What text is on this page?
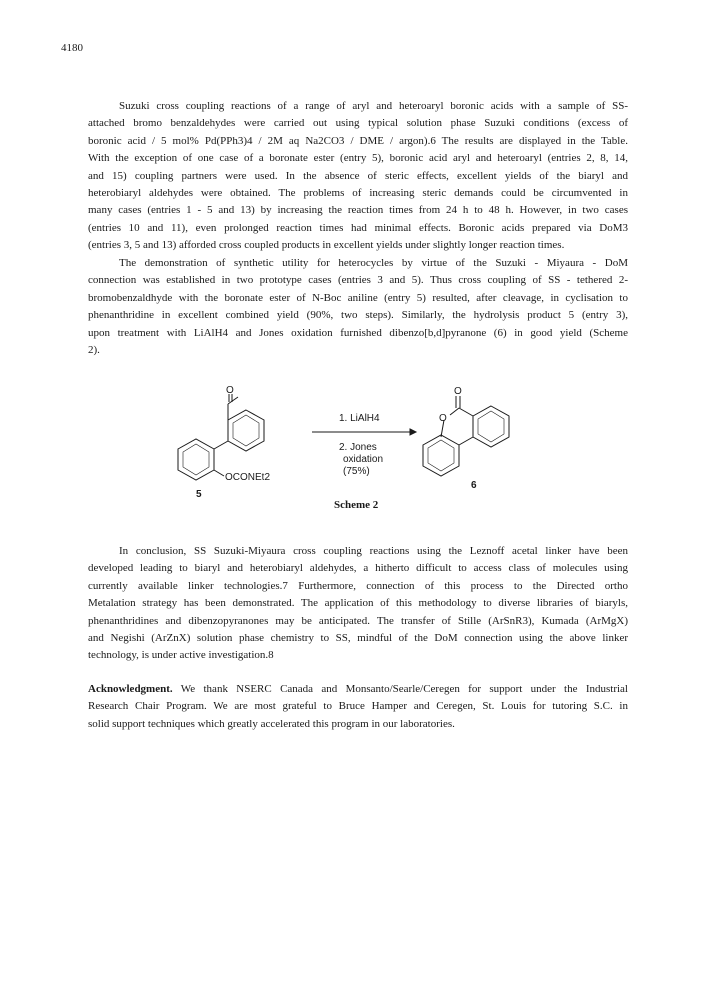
4180
Suzuki cross coupling reactions of a range of aryl and heteroaryl boronic acids with a sample of SS-
attached bromo benzaldehydes were carried out using typical solution phase Suzuki conditions (excess of
boronic acid / 5 mol% Pd(PPh3)4 / 2M aq Na2CO3 / DME / argon).6 The results are displayed in the Table.
With the exception of one case of a boronate ester (entry 5), boronic acid aryl and heteroaryl (entries 2, 8, 14,
and 15) coupling partners were used. In the absence of steric effects, excellent yields of the biaryl and
heterobiaryl aldehydes were obtained. The problems of increasing steric demands could be circumvented in
many cases (entries 1 - 5 and 13) by increasing the reaction times from 24 h to 48 h. However, in two cases
(entries 10 and 11), even prolonged reaction times had minimal effects. Boronic acids prepared via DoM3
(entries 3, 5 and 13) afforded cross coupled products in excellent yields under slightly longer reaction times.
The demonstration of synthetic utility for heterocycles by virtue of the Suzuki - Miyaura - DoM
connection was established in two prototype cases (entries 3 and 5). Thus cross coupling of SS - tethered 2-
bromobenzaldhyde with the boronate ester of N-Boc aniline (entry 5) resulted, after cleavage, in cyclisation to
phenanthridine in excellent combined yield (90%, two steps). Similarly, the hydrolysis product 5 (entry 3),
upon treatment with LiAlH4 and Jones oxidation furnished dibenzo[b,d]pyranone (6) in good yield (Scheme
2).
O
OCONEt2
5
1. LiAlH4
2. Jones
oxidation
(75%)
O
O
6
Scheme 2
In conclusion, SS Suzuki-Miyaura cross coupling reactions using the Leznoff acetal linker have been
developed leading to biaryl and heterobiaryl aldehydes, a hitherto difficult to access class of molecules using
currently available linker technologies.7 Furthermore, connection of this process to the Directed ortho
Metalation strategy has been demonstrated. The application of this methodology to diverse libraries of biaryls,
phenanthridines and dibenzopyranones may be anticipated. The transfer of Stille (ArSnR3), Kumada (ArMgX)
and Negishi (ArZnX) solution phase chemistry to SS, mindful of the DoM connection using the above linker
technology, is under active investigation.8
Acknowledgment. We thank NSERC Canada and Monsanto/Searle/Ceregen for support under the Industrial
Research Chair Program. We are most grateful to Bruce Hamper and Ceregen, St. Louis for tutoring S.C. in
solid support techniques which greatly accelerated this program in our laboratories.
